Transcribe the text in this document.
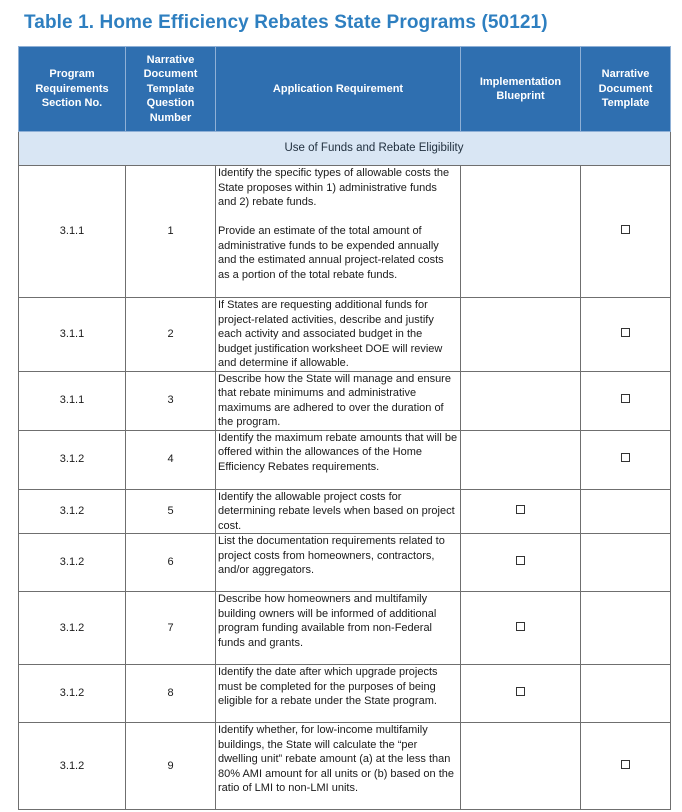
Table 1. Home Efficiency Rebates State Programs (50121)
Program Requirements Section No.	Narrative Document Template Question Number	Application Requirement	Implementation Blueprint	Narrative Document Template
Use of Funds and Rebate Eligibility				
3.1.1	1	Identify the specific types of allowable costs the State proposes within 1) administrative funds and 2) rebate funds.

Provide an estimate of the total amount of administrative funds to be expended annually and the estimated annual project-related costs as a portion of the total rebate funds.		
3.1.1	2	If States are requesting additional funds for project-related activities, describe and justify each activity and associated budget in the budget justification worksheet DOE will review and determine if allowable.		
3.1.1	3	Describe how the State will manage and ensure that rebate minimums and administrative maximums are adhered to over the duration of the program.		
3.1.2	4	Identify the maximum rebate amounts that will be offered within the allowances of the Home Efficiency Rebates requirements.		
3.1.2	5	Identify the allowable project costs for determining rebate levels when based on project cost.		
3.1.2	6	List the documentation requirements related to project costs from homeowners, contractors, and/or aggregators.		
3.1.2	7	Describe how homeowners and multifamily building owners will be informed of additional program funding available from non-Federal funds and grants.		
3.1.2	8	Identify the date after which upgrade projects must be completed for the purposes of being eligible for a rebate under the State program.		
3.1.2	9	Identify whether, for low-income multifamily buildings, the State will calculate the “per dwelling unit” rebate amount (a) at the less than 80% AMI amount for all units or (b) based on the ratio of LMI to non-LMI units.		
